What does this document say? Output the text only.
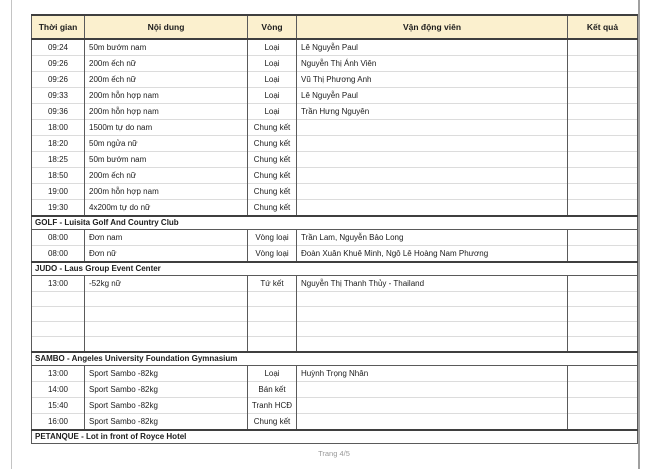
Thời gian	Nội dung	Vòng	Vận động viên	Kết quả
09:24	50m bướm nam	Loại	Lê Nguyễn Paul	
09:26	200m ếch nữ	Loại	Nguyễn Thị Ánh Viên	
09:26	200m ếch nữ	Loại	Vũ Thị Phương Anh	
09:33	200m hỗn hợp nam	Loại	Lê Nguyễn Paul	
09:36	200m hỗn hợp nam	Loại	Trần Hưng Nguyên	
18:00	1500m tự do nam	Chung kết		
18:20	50m ngửa nữ	Chung kết		
18:25	50m bướm nam	Chung kết		
18:50	200m ếch nữ	Chung kết		
19:00	200m hỗn hợp nam	Chung kết		
19:30	4x200m tự do nữ	Chung kết		
GOLF - Luisita Golf And Country Club				
08:00	Đơn nam	Vòng loại	Trần Lam, Nguyễn Bảo Long	
08:00	Đơn nữ	Vòng loại	Đoàn Xuân Khuê Minh, Ngô Lê Hoàng Nam Phương	
JUDO - Laus Group Event Center				
13:00	-52kg nữ	Tứ kết	Nguyễn Thị Thanh Thủy - Thailand	

SAMBO - Angeles University Foundation Gymnasium				
13:00	Sport Sambo -82kg	Loại	Huỳnh Trọng Nhân	
14:00	Sport Sambo -82kg	Bán kết		
15:40	Sport Sambo -82kg	Tranh HCĐ		
16:00	Sport Sambo -82kg	Chung kết		
PETANQUE - Lot in front of Royce Hotel				
Trang 4/5
